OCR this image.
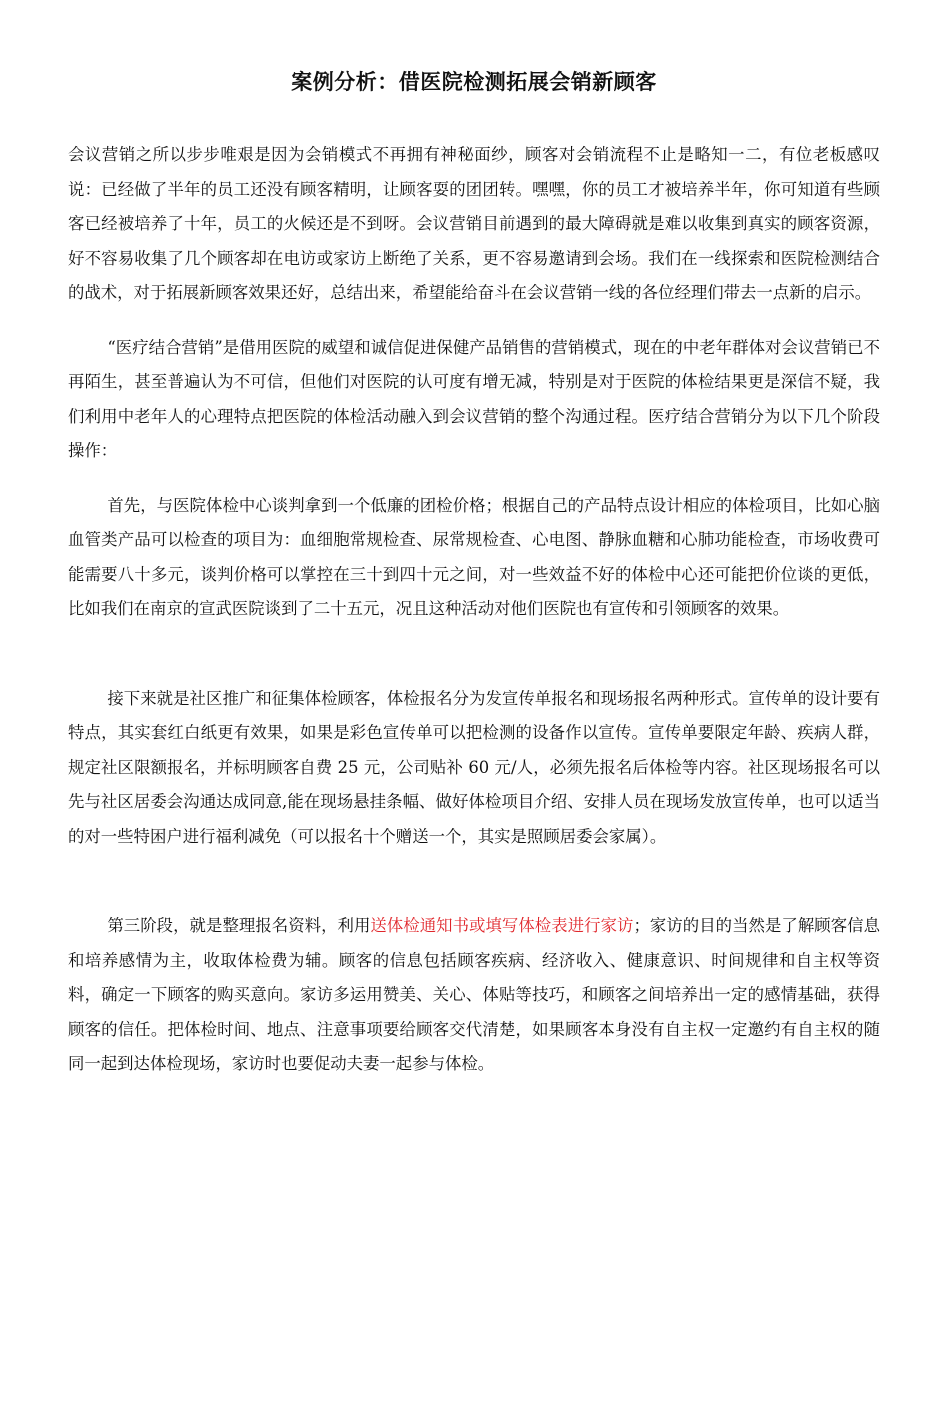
案例分析：借医院检测拓展会销新顾客

会议营销之所以步步唯艰是因为会销模式不再拥有神秘面纱，顾客对会销流程不止是略知一二，有位老板感叹说：已经做了半年的员工还没有顾客精明，让顾客耍的团团转。嘿嘿，你的员工才被培养半年，你可知道有些顾客已经被培养了十年，员工的火候还是不到呀。会议营销目前遇到的最大障碍就是难以收集到真实的顾客资源，好不容易收集了几个顾客却在电访或家访上断绝了关系，更不容易邀请到会场。我们在一线探索和医院检测结合的战术，对于拓展新顾客效果还好，总结出来，希望能给奋斗在会议营销一线的各位经理们带去一点新的启示。

“医疗结合营销”是借用医院的威望和诚信促进保健产品销售的营销模式，现在的中老年群体对会议营销已不再陌生，甚至普遍认为不可信，但他们对医院的认可度有增无减，特别是对于医院的体检结果更是深信不疑，我们利用中老年人的心理特点把医院的体检活动融入到会议营销的整个沟通过程。医疗结合营销分为以下几个阶段操作：

首先，与医院体检中心谈判拿到一个低廉的团检价格；根据自己的产品特点设计相应的体检项目，比如心脑血管类产品可以检查的项目为：血细胞常规检查、尿常规检查、心电图、静脉血糖和心肺功能检查，市场收费可能需要八十多元，谈判价格可以掌控在三十到四十元之间，对一些效益不好的体检中心还可能把价位谈的更低，比如我们在南京的宣武医院谈到了二十五元，况且这种活动对他们医院也有宣传和引领顾客的效果。

接下来就是社区推广和征集体检顾客，体检报名分为发宣传单报名和现场报名两种形式。宣传单的设计要有特点，其实套红白纸更有效果，如果是彩色宣传单可以把检测的设备作以宣传。宣传单要限定年龄、疾病人群，规定社区限额报名，并标明顾客自费 25 元，公司贴补 60 元/人，必须先报名后体检等内容。社区现场报名可以先与社区居委会沟通达成同意,能在现场悬挂条幅、做好体检项目介绍、安排人员在现场发放宣传单，也可以适当的对一些特困户进行福利减免（可以报名十个赠送一个，其实是照顾居委会家属）。

第三阶段，就是整理报名资料，利用送体检通知书或填写体检表进行家访；家访的目的当然是了解顾客信息和培养感情为主，收取体检费为辅。顾客的信息包括顾客疾病、经济收入、健康意识、时间规律和自主权等资料，确定一下顾客的购买意向。家访多运用赞美、关心、体贴等技巧，和顾客之间培养出一定的感情基础，获得顾客的信任。把体检时间、地点、注意事项要给顾客交代清楚，如果顾客本身没有自主权一定邀约有自主权的随同一起到达体检现场，家访时也要促动夫妻一起参与体检。
